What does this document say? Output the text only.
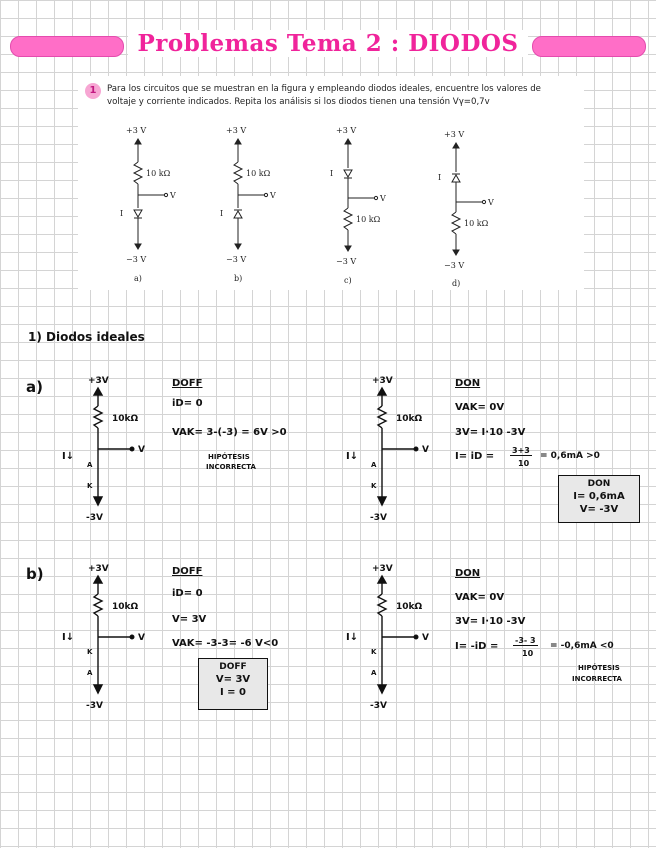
Problemas Tema 2 : DIODOS
1	Para los circuitos que se muestran en la figura y empleando diodos ideales, encuentre los valores de
voltaje y corriente indicados. Repita los análisis si los diodos tienen una tensión Vγ=0,7v
+3 V
10 kΩ
V
I
−3 V
a)
+3 V
10 kΩ
V
I
−3 V
b)
+3 V
I
V
10 kΩ
−3 V
c)
+3 V
I
V
10 kΩ
−3 V
d)
1) Diodos ideales
a)
b)
+3V
10kΩ
V
I↓
A
K
-3V
+3V
10kΩ
V
I↓
A
K
-3V
+3V
10kΩ
V
I↓
K
A
-3V
+3V
10kΩ
V
I↓
K
A
-3V
DOFF
iD= 0
VAK= 3-(-3) = 6V >0
HIPÓTESIS
INCORRECTA
DON
VAK= 0V
3V= I·10 -3V
I= iD =
3+3
10
= 0,6mA >0
DON
I= 0,6mA
V= -3V
DOFF
iD= 0
V= 3V
VAK= -3-3= -6 V<0
DOFF
V= 3V
I = 0
DON
VAK= 0V
3V= I·10 -3V
I= -iD =
-3- 3
10
= -0,6mA <0
HIPÓTESIS
INCORRECTA
